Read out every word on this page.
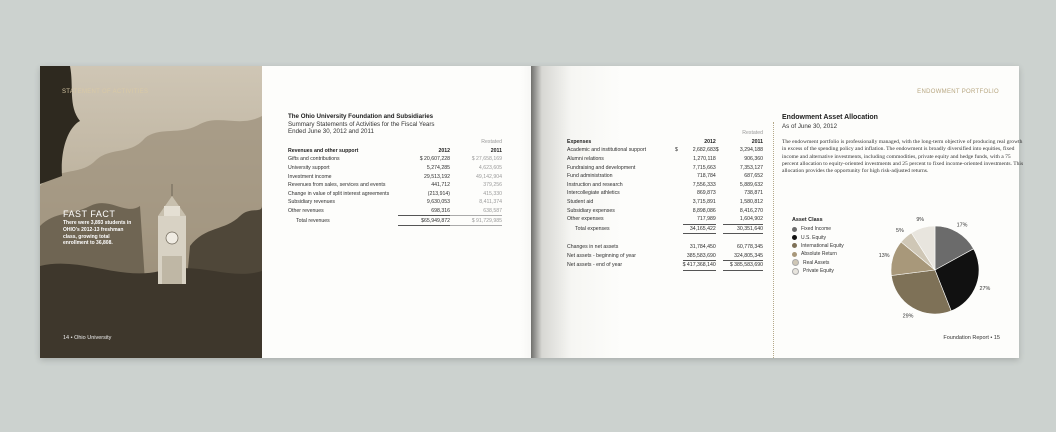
STATEMENT OF ACTIVITIES
FAST FACT
There were 3,893 students in OHIO's 2012-13 freshman class, growing total enrollment to 36,808.
14 • Ohio University
The Ohio University Foundation and Subsidiaries
Summary Statements of Activities for the Fiscal Years
Ended June 30, 2012 and 2011
		Restated
Revenues and other support	2012	2011
Gifts and contributions	$ 20,607,228	$ 27,658,169
University support	5,274,285	4,623,605
Investment income	29,513,192	49,142,904
Revenues from sales, services and events	441,712	379,256
Change in value of split interest agreements	(213,914)	415,330
Subsidiary revenues	9,630,053	8,411,374
Other revenues	698,316	638,587
Total revenues	$65,949,872	$ 91,729,985
ENDOWMENT PORTFOLIO
				Restated
Expenses		2012		2011
Academic and institutional support	$	2,682,683	$	3,294,188
Alumni relations		1,270,118		906,360
Fundraising and development		7,715,663		7,353,127
Fund administration		718,784		687,652
Instruction and research		7,556,333		5,889,632
Intercollegiate athletics		869,873		738,871
Student aid		3,715,891		1,580,812
Subsidiary expenses		8,898,086		8,416,270
Other expenses		717,989		1,604,902
Total expenses		34,165,422		30,351,640

Changes in net assets		31,784,450		60,778,345
Net assets - beginning of year		385,583,690		324,805,345
Net assets - end of year		$ 417,368,140		$ 385,583,690
Endowment Asset Allocation
As of June 30, 2012
The endowment portfolio is professionally managed, with the long-term objective of producing real growth in excess of the spending policy and inflation. The endowment is broadly diversified into equities, fixed income and alternative investments, including commodities, private equity and hedge funds, with a 75 percent allocation to equity-oriented investments and 25 percent to fixed income-oriented investments. This allocation provides the opportunity for high risk-adjusted returns.
Asset Class
Fixed Income
U.S. Equity
International Equity
Absolute Return
Real Assets
Private Equity
17%
27%
29%
13%
5%
9%
Foundation Report • 15
